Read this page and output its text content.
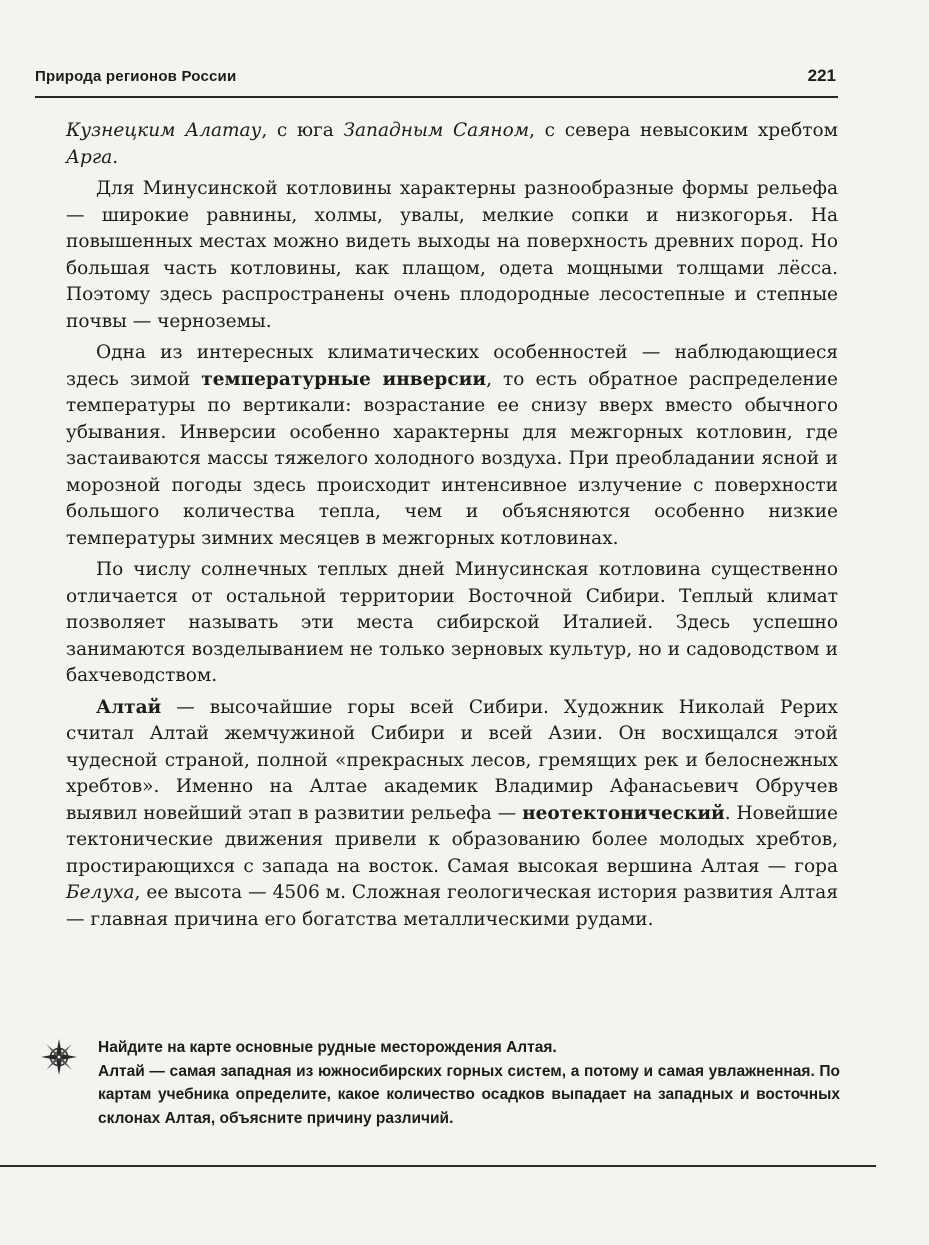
Природа регионов России	221

Кузнецким Алатау, с юга Западным Саяном, с севера невысоким хребтом Арга.

Для Минусинской котловины характерны разнообразные формы рельефа — широкие равнины, холмы, увалы, мелкие сопки и низкогорья. На повышенных местах можно видеть выходы на поверхность древних пород. Но большая часть котловины, как плащом, одета мощными толщами лёсса. Поэтому здесь распространены очень плодородные лесостепные и степные почвы — черноземы.

Одна из интересных климатических особенностей — наблюдающиеся здесь зимой температурные инверсии, то есть обратное распределение температуры по вертикали: возрастание ее снизу вверх вместо обычного убывания. Инверсии особенно характерны для межгорных котловин, где застаиваются массы тяжелого холодного воздуха. При преобладании ясной и морозной погоды здесь происходит интенсивное излучение с поверхности большого количества тепла, чем и объясняются особенно низкие температуры зимних месяцев в межгорных котловинах.

По числу солнечных теплых дней Минусинская котловина существенно отличается от остальной территории Восточной Сибири. Теплый климат позволяет называть эти места сибирской Италией. Здесь успешно занимаются возделыванием не только зерновых культур, но и садоводством и бахчеводством.

Алтай — высочайшие горы всей Сибири. Художник Николай Рерих считал Алтай жемчужиной Сибири и всей Азии. Он восхищался этой чудесной страной, полной «прекрасных лесов, гремящих рек и белоснежных хребтов». Именно на Алтае академик Владимир Афанасьевич Обручев выявил новейший этап в развитии рельефа — неотектонический. Новейшие тектонические движения привели к образованию более молодых хребтов, простирающихся с запада на восток. Самая высокая вершина Алтая — гора Белуха, ее высота — 4506 м. Сложная геологическая история развития Алтая — главная причина его богатства металлическими рудами.

Найдите на карте основные рудные месторождения Алтая.

Алтай — самая западная из южносибирских горных систем, а потому и самая увлажненная. По картам учебника определите, какое количество осадков выпадает на западных и восточных склонах Алтая, объясните причину различий.
